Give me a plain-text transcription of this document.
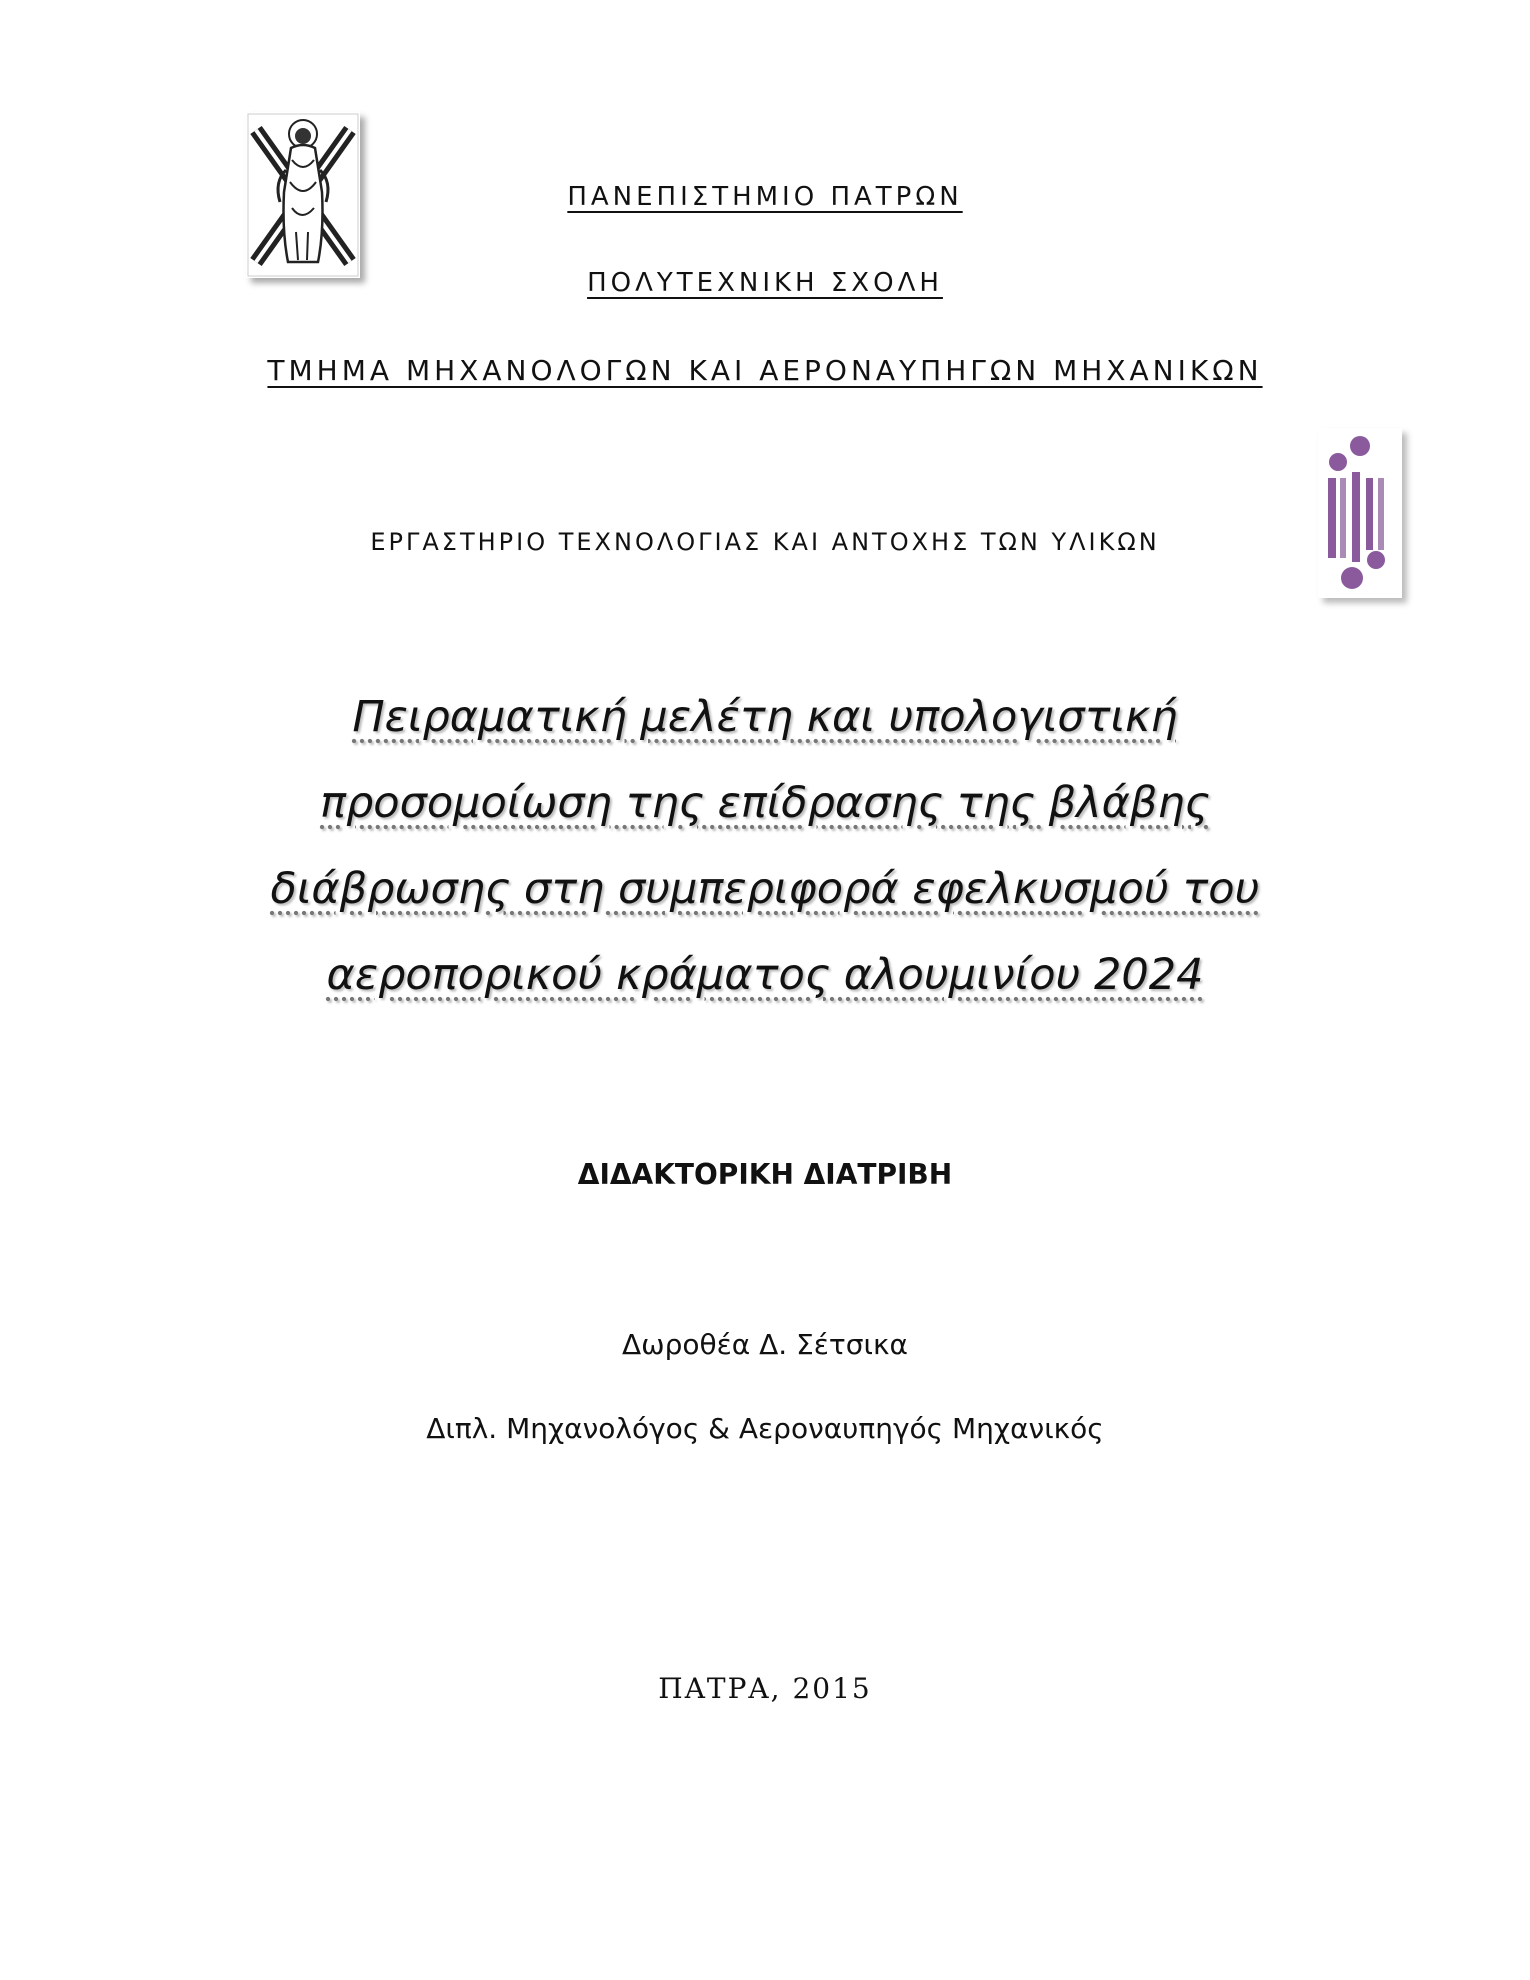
ΠΑΝΕΠΙΣΤΗΜΙΟ ΠΑΤΡΩΝ
ΠΟΛΥΤΕΧΝΙΚΗ ΣΧΟΛΗ
ΤΜΗΜΑ ΜΗΧΑΝΟΛΟΓΩΝ ΚΑΙ ΑΕΡΟΝΑΥΠΗΓΩΝ ΜΗΧΑΝΙΚΩΝ
ΕΡΓΑΣΤΗΡΙΟ ΤΕΧΝΟΛΟΓΙΑΣ ΚΑΙ ΑΝΤΟΧΗΣ ΤΩΝ ΥΛΙΚΩΝ
Πειραματική μελέτη και υπολογιστική
προσομοίωση της επίδρασης της βλάβης
διάβρωσης στη συμπεριφορά εφελκυσμού του
αεροπορικού κράματος αλουμινίου 2024
ΔΙΔΑΚΤΟΡΙΚΗ ΔΙΑΤΡΙΒΗ
Δωροθέα Δ. Σέτσικα
Διπλ. Μηχανολόγος & Αεροναυπηγός Μηχανικός
ΠΑΤΡΑ, 2015
